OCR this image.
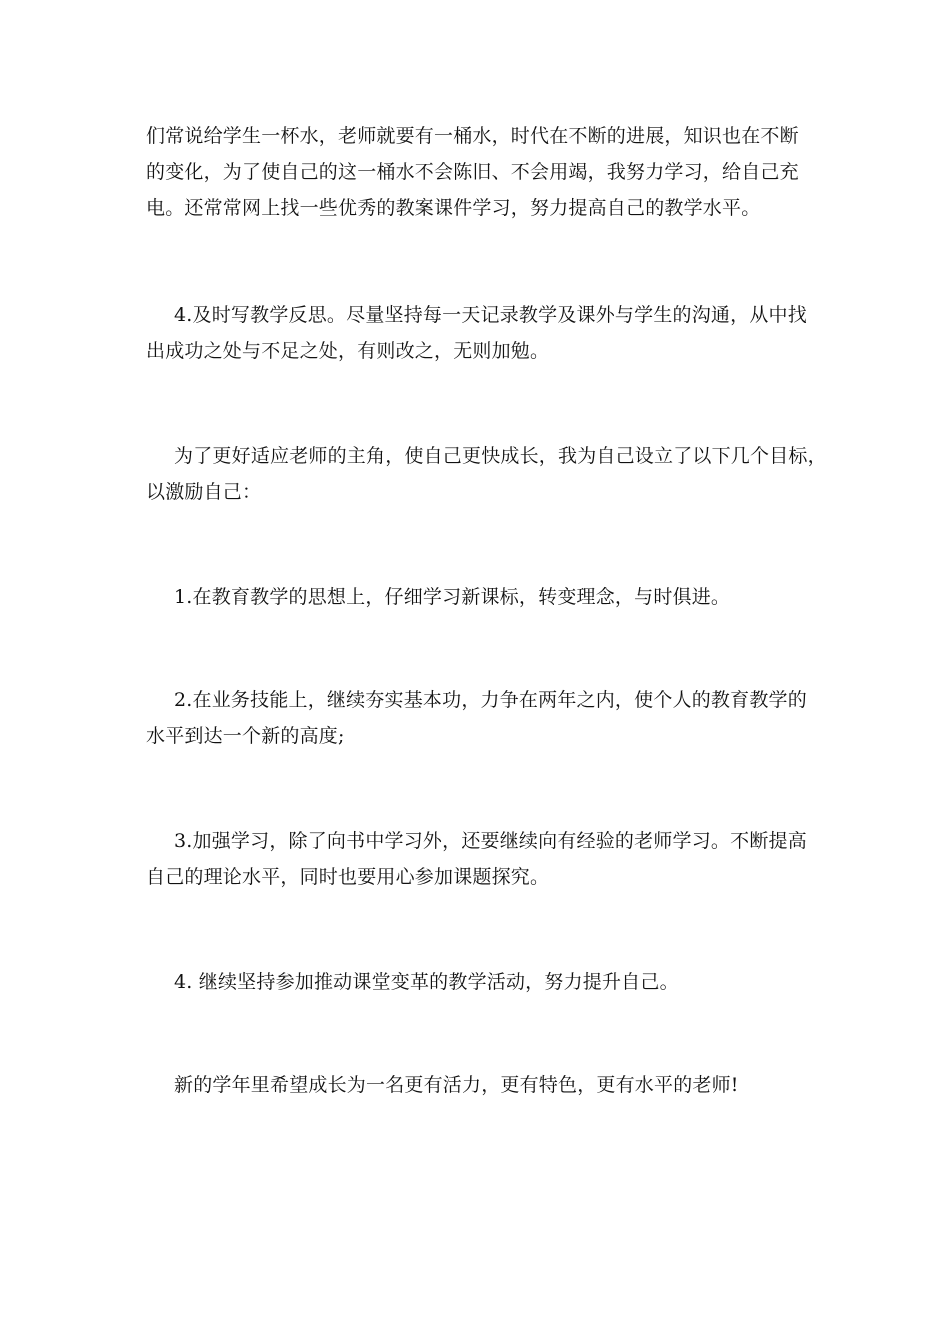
们常说给学生一杯水，老师就要有一桶水，时代在不断的进展，知识也在不断
的变化，为了使自己的这一桶水不会陈旧、不会用竭，我努力学习，给自己充
电。还常常网上找一些优秀的教案课件学习，努力提高自己的教学水平。

4.及时写教学反思。尽量坚持每一天记录教学及课外与学生的沟通，从中找
出成功之处与不足之处，有则改之，无则加勉。

为了更好适应老师的主角，使自己更快成长，我为自己设立了以下几个目标，
以激励自己：

1.在教育教学的思想上，仔细学习新课标，转变理念，与时俱进。

2.在业务技能上，继续夯实基本功，力争在两年之内，使个人的教育教学的
水平到达一个新的高度;

3.加强学习，除了向书中学习外，还要继续向有经验的老师学习。不断提高
自己的理论水平，同时也要用心参加课题探究。

4. 继续坚持参加推动课堂变革的教学活动，努力提升自己。

新的学年里希望成长为一名更有活力，更有特色，更有水平的老师!
